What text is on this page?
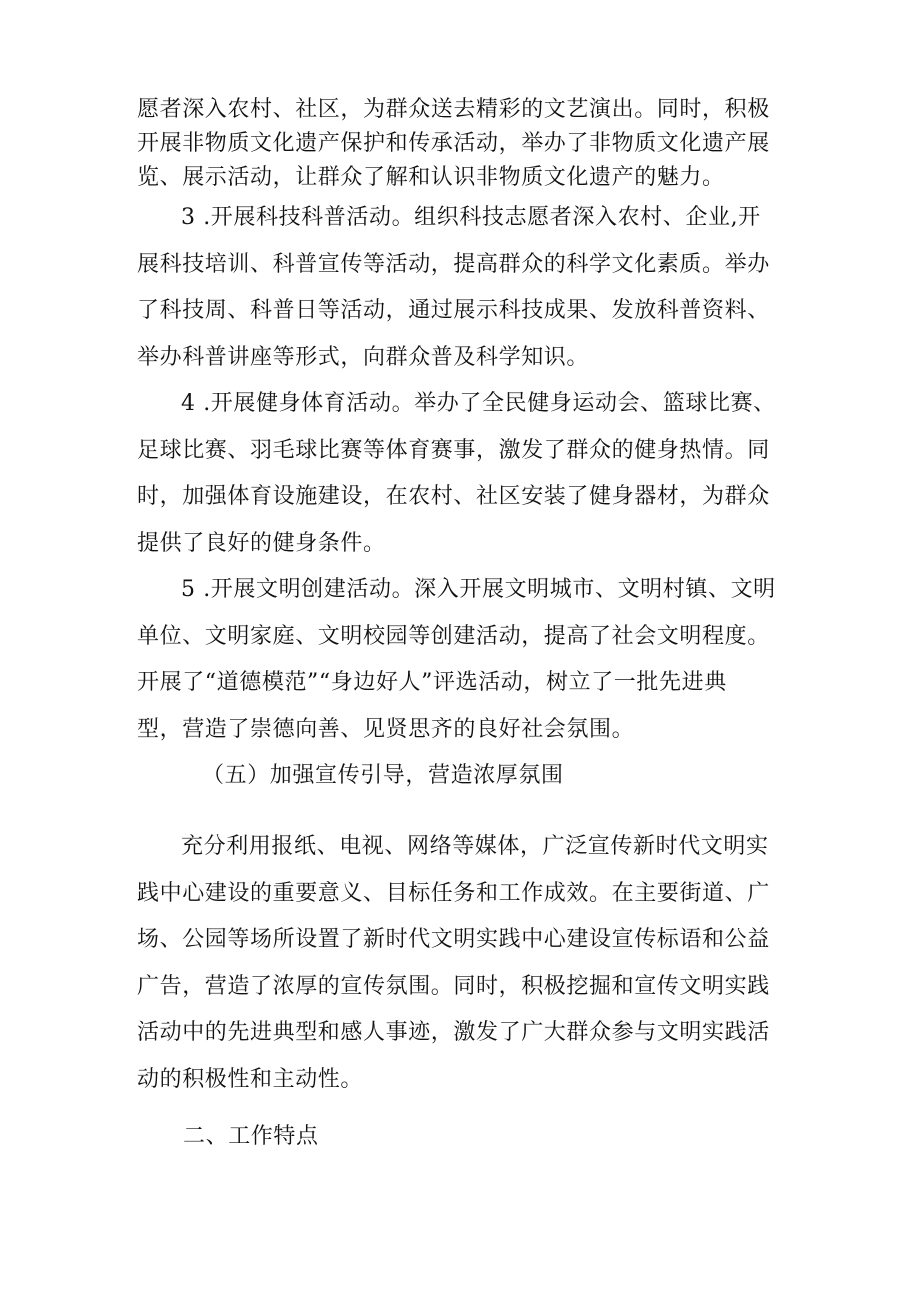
愿者深入农村、社区，为群众送去精彩的文艺演出。同时，积极
开展非物质文化遗产保护和传承活动，举办了非物质文化遗产展
览、展示活动，让群众了解和认识非物质文化遗产的魅力。

3 .开展科技科普活动。组织科技志愿者深入农村、企业,开
展科技培训、科普宣传等活动，提高群众的科学文化素质。举办
了科技周、科普日等活动，通过展示科技成果、发放科普资料、
举办科普讲座等形式，向群众普及科学知识。

4 .开展健身体育活动。举办了全民健身运动会、篮球比赛、
足球比赛、羽毛球比赛等体育赛事，激发了群众的健身热情。同
时，加强体育设施建设，在农村、社区安装了健身器材，为群众
提供了良好的健身条件。

5 .开展文明创建活动。深入开展文明城市、文明村镇、文明
单位、文明家庭、文明校园等创建活动，提高了社会文明程度。
开展了“道德模范”“身边好人”评选活动，树立了一批先进典
型，营造了崇德向善、见贤思齐的良好社会氛围。

（五）加强宣传引导，营造浓厚氛围

充分利用报纸、电视、网络等媒体，广泛宣传新时代文明实
践中心建设的重要意义、目标任务和工作成效。在主要街道、广
场、公园等场所设置了新时代文明实践中心建设宣传标语和公益
广告，营造了浓厚的宣传氛围。同时，积极挖掘和宣传文明实践
活动中的先进典型和感人事迹，激发了广大群众参与文明实践活
动的积极性和主动性。

二、工作特点
